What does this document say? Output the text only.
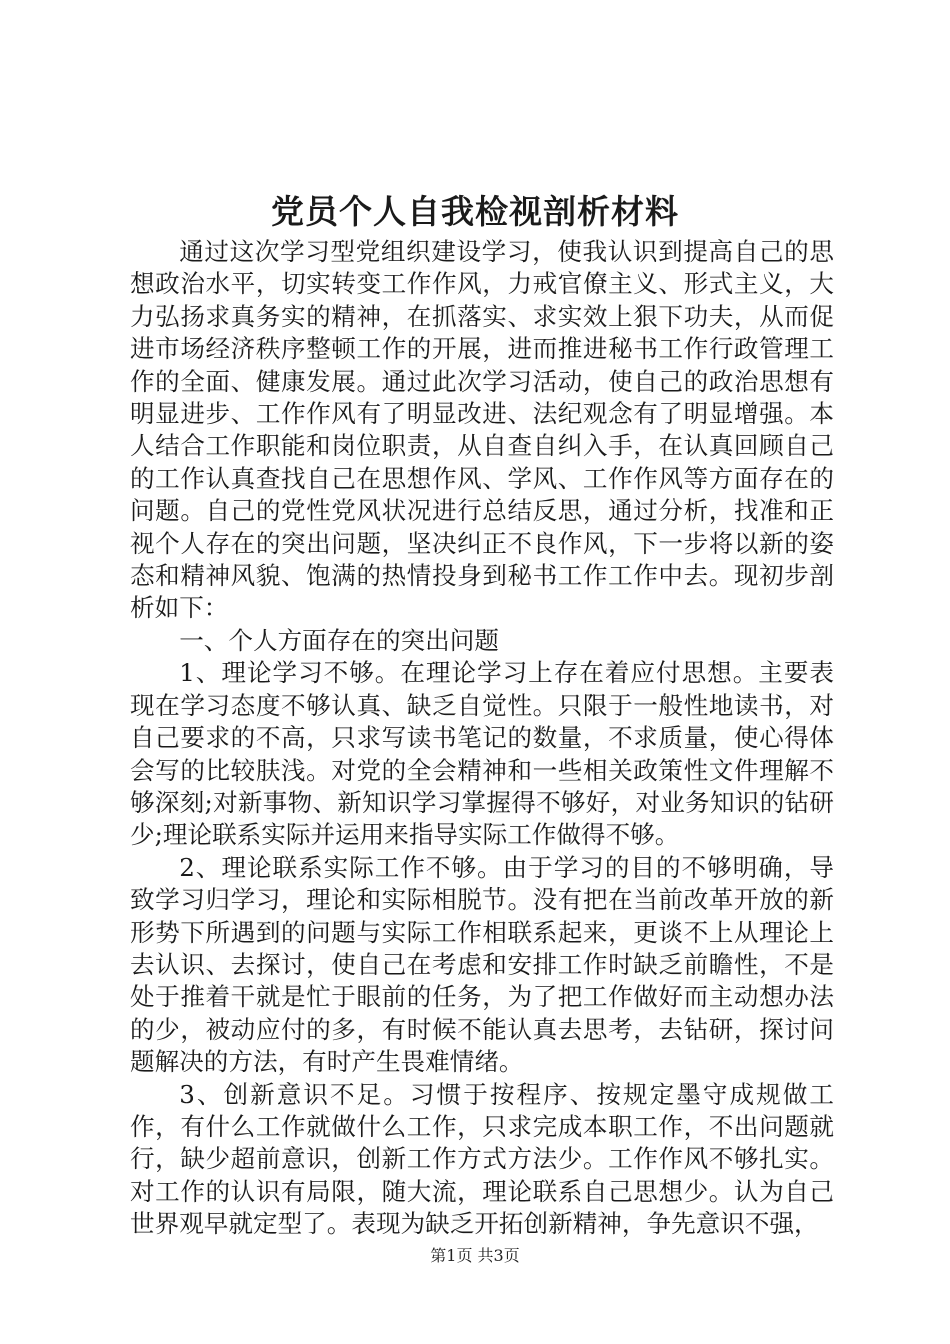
党员个人自我检视剖析材料

通过这次学习型党组织建设学习，使我认识到提高自己的思想政治水平，切实转变工作作风，力戒官僚主义、形式主义，大力弘扬求真务实的精神，在抓落实、求实效上狠下功夫，从而促进市场经济秩序整顿工作的开展，进而推进秘书工作行政管理工作的全面、健康发展。通过此次学习活动，使自己的政治思想有明显进步、工作作风有了明显改进、法纪观念有了明显增强。本人结合工作职能和岗位职责，从自查自纠入手，在认真回顾自己的工作认真查找自己在思想作风、学风、工作作风等方面存在的问题。自己的党性党风状况进行总结反思，通过分析，找准和正视个人存在的突出问题，坚决纠正不良作风，下一步将以新的姿态和精神风貌、饱满的热情投身到秘书工作工作中去。现初步剖析如下：

一、个人方面存在的突出问题

1、理论学习不够。在理论学习上存在着应付思想。主要表现在学习态度不够认真、缺乏自觉性。只限于一般性地读书，对自己要求的不高，只求写读书笔记的数量，不求质量，使心得体会写的比较肤浅。对党的全会精神和一些相关政策性文件理解不够深刻;对新事物、新知识学习掌握得不够好，对业务知识的钻研少;理论联系实际并运用来指导实际工作做得不够。

2、理论联系实际工作不够。由于学习的目的不够明确，导致学习归学习，理论和实际相脱节。没有把在当前改革开放的新形势下所遇到的问题与实际工作相联系起来，更谈不上从理论上去认识、去探讨，使自己在考虑和安排工作时缺乏前瞻性，不是处于推着干就是忙于眼前的任务，为了把工作做好而主动想办法的少，被动应付的多，有时候不能认真去思考，去钻研，探讨问题解决的方法，有时产生畏难情绪。

3、创新意识不足。习惯于按程序、按规定墨守成规做工作，有什么工作就做什么工作，只求完成本职工作，不出问题就行，缺少超前意识，创新工作方式方法少。工作作风不够扎实。对工作的认识有局限，随大流，理论联系自己思想少。认为自己世界观早就定型了。表现为缺乏开拓创新精神，争先意识不强，

第1页 共3页
